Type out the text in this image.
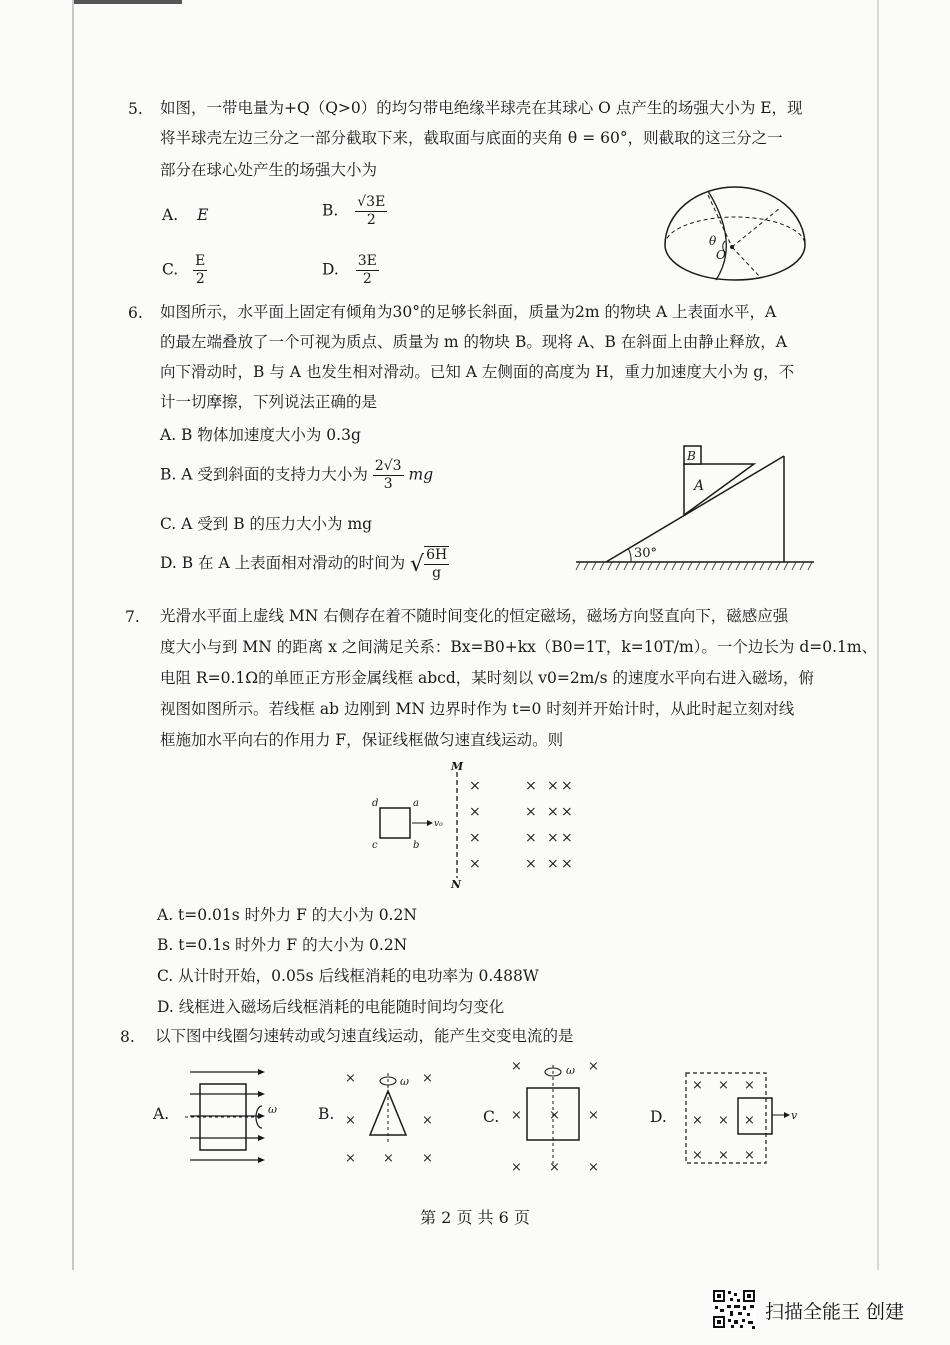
5. 如图，一带电量为+Q（Q>0）的均匀带电绝缘半球壳在其球心 O 点产生的场强大小为 E，现
将半球壳左边三分之一部分截取下来，截取面与底面的夹角 θ = 60°，则截取的这三分之一
部分在球心处产生的场强大小为
A. E	B. $\frac{√3E}{2}$
C. $\frac{E}{2}$	D. $\frac{3E}{2}$
θ
O
6. 如图所示，水平面上固定有倾角为30°的足够长斜面，质量为2m 的物块 A 上表面水平，A
的最左端叠放了一个可视为质点、质量为 m 的物块 B。现将 A、B 在斜面上由静止释放，A
向下滑动时，B 与 A 也发生相对滑动。已知 A 左侧面的高度为 H，重力加速度大小为 g，不
计一切摩擦，下列说法正确的是
A. B 物体加速度大小为 0.3g
B. A 受到斜面的支持力大小为 $\frac{2√3}{3}$ mg
C. A 受到 B 的压力大小为 mg
D. B 在 A 上表面相对滑动的时间为 √ $\frac{6H}{g}$
B
A
30°
7. 光滑水平面上虚线 MN 右侧存在着不随时间变化的恒定磁场，磁场方向竖直向下，磁感应强
度大小与到 MN 的距离 x 之间满足关系：Bx=B0+kx（B0=1T，k=10T/m）。一个边长为 d=0.1m、
电阻 R=0.1Ω的单匝正方形金属线框 abcd，某时刻以 v0=2m/s 的速度水平向右进入磁场，俯
视图如图所示。若线框 ab 边刚到 MN 边界时作为 t=0 时刻并开始计时，从此时起立刻对线
框施加水平向右的作用力 F，保证线框做匀速直线运动。则
M
N
d	a
c	b
v₀
×	× × ×
×	× × ×
×	× × ×
×	× × ×
A. t=0.01s 时外力 F 的大小为 0.2N
B. t=0.1s 时外力 F 的大小为 0.2N
C. 从计时开始，0.05s 后线框消耗的电功率为 0.488W
D. 线框进入磁场后线框消耗的电能随时间均匀变化
8. 以下图中线圈匀速转动或匀速直线运动，能产生交变电流的是
A.	ω	B.
×	×
×	×
× × ×
ω
C.
×	×
× × ×
× × ×
ω
D.
× × ×
× × ×
× × ×
v
第 2 页 共 6 页
扫描全能王 创建
